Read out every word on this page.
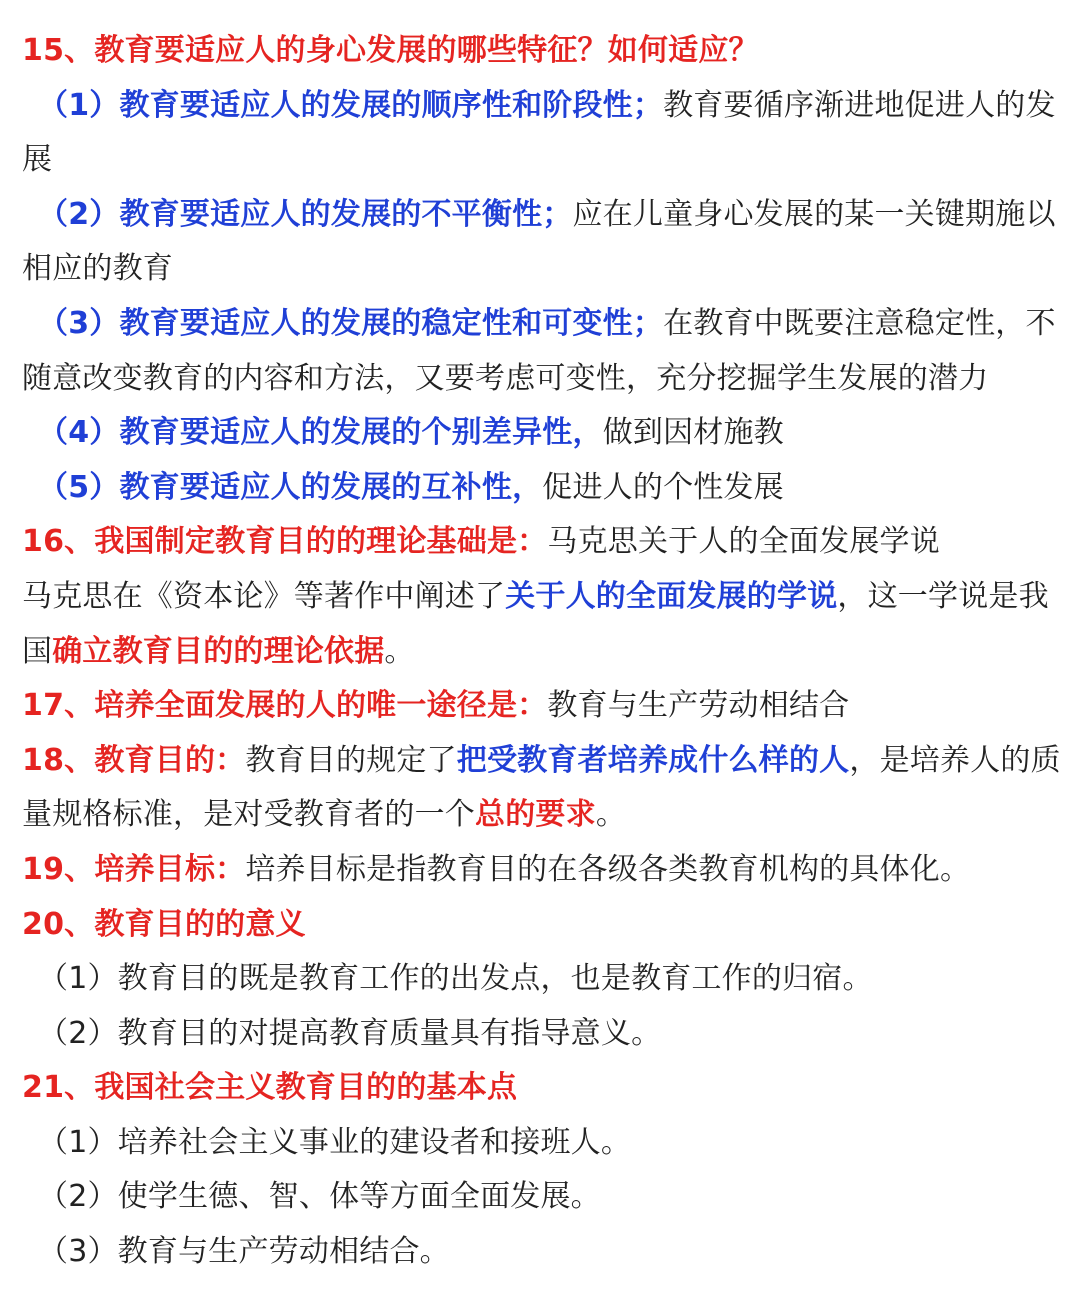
15、教育要适应人的身心发展的哪些特征？如何适应？
（1）教育要适应人的发展的顺序性和阶段性；教育要循序渐进地促进人的发
展
（2）教育要适应人的发展的不平衡性；应在儿童身心发展的某一关键期施以
相应的教育
（3）教育要适应人的发展的稳定性和可变性；在教育中既要注意稳定性，不
随意改变教育的内容和方法，又要考虑可变性，充分挖掘学生发展的潜力
（4）教育要适应人的发展的个别差异性，做到因材施教
（5）教育要适应人的发展的互补性，促进人的个性发展
16、我国制定教育目的的理论基础是：马克思关于人的全面发展学说
马克思在《资本论》等著作中阐述了关于人的全面发展的学说，这一学说是我
国确立教育目的的理论依据。
17、培养全面发展的人的唯一途径是：教育与生产劳动相结合
18、教育目的：教育目的规定了把受教育者培养成什么样的人，是培养人的质
量规格标准，是对受教育者的一个总的要求。
19、培养目标：培养目标是指教育目的在各级各类教育机构的具体化。
20、教育目的的意义
（1）教育目的既是教育工作的出发点，也是教育工作的归宿。
（2）教育目的对提高教育质量具有指导意义。
21、我国社会主义教育目的的基本点
（1）培养社会主义事业的建设者和接班人。
（2）使学生德、智、体等方面全面发展。
（3）教育与生产劳动相结合。
